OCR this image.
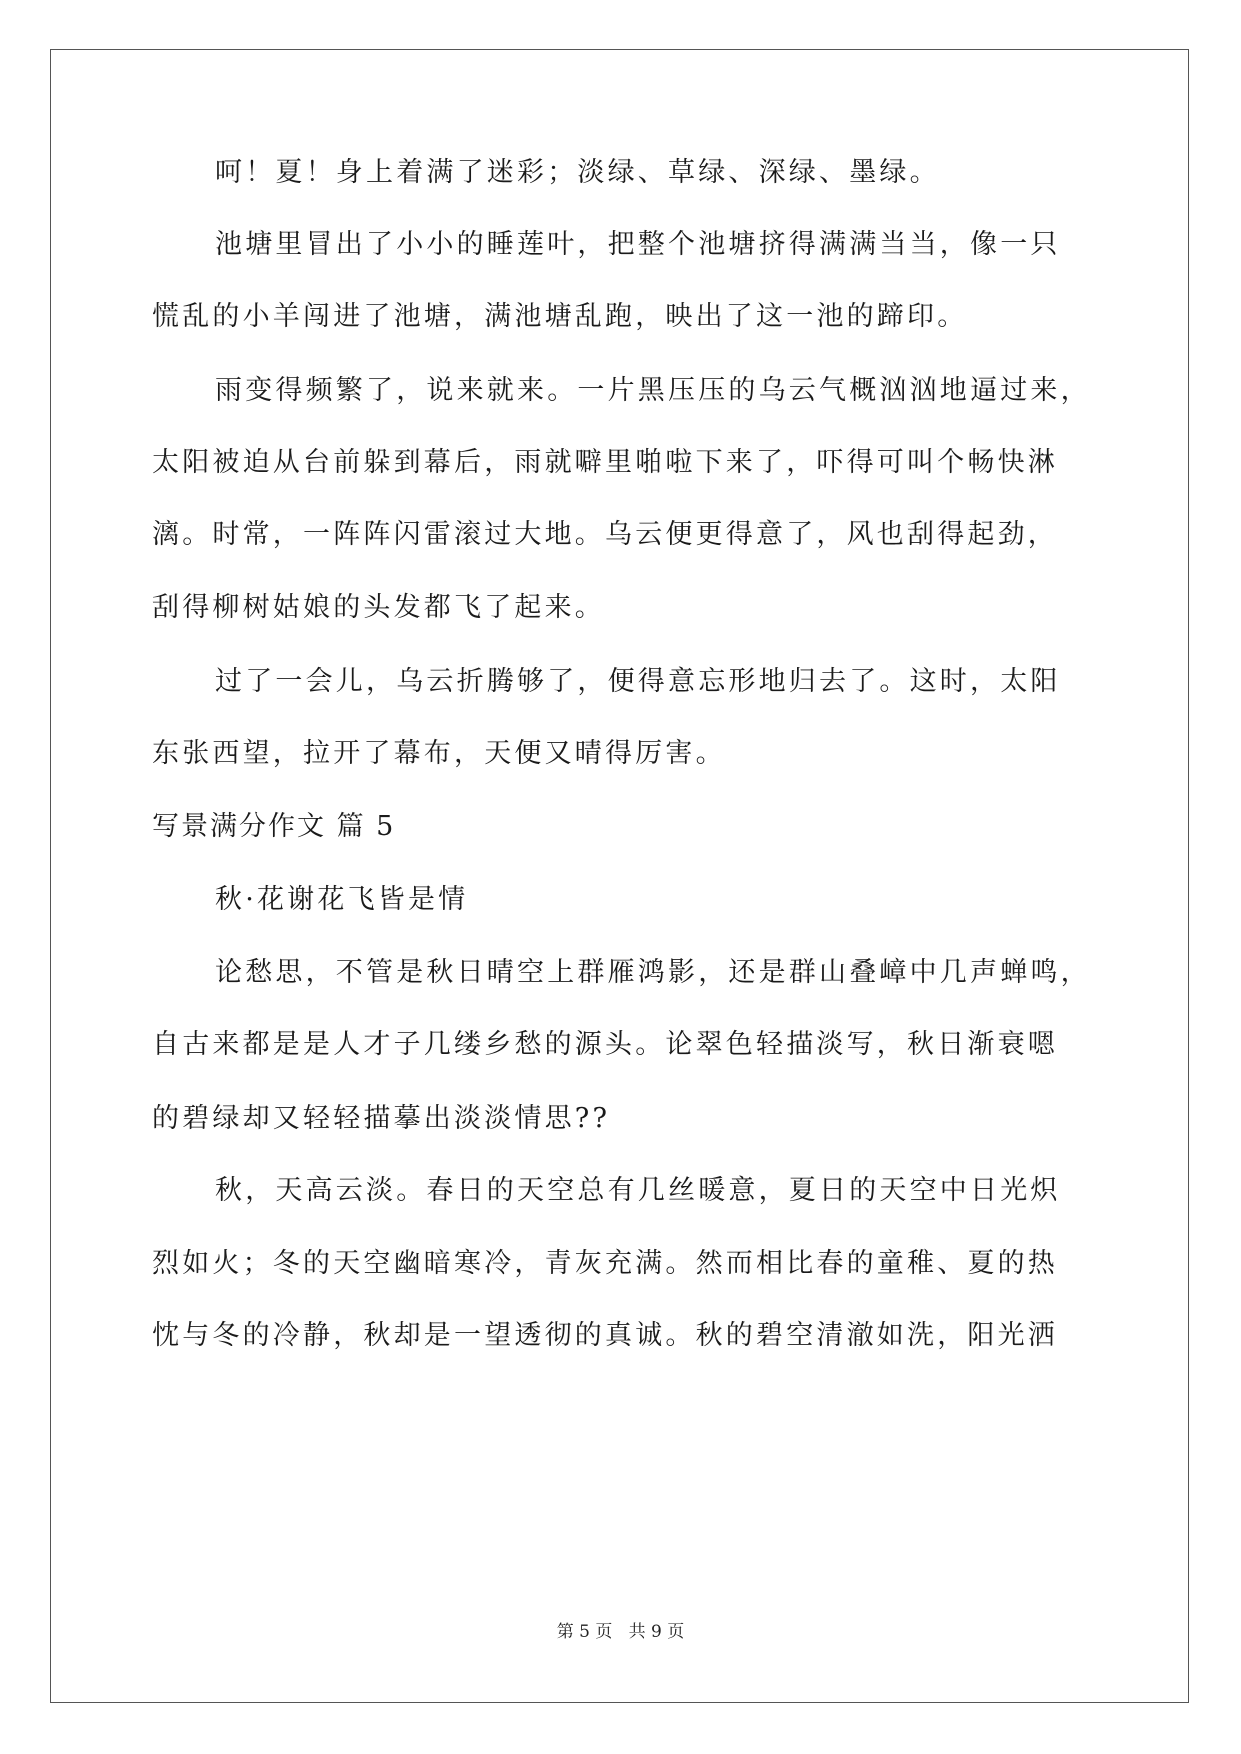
呵！夏！身上着满了迷彩；淡绿、草绿、深绿、墨绿。
池塘里冒出了小小的睡莲叶，把整个池塘挤得满满当当，像一只
慌乱的小羊闯进了池塘，满池塘乱跑，映出了这一池的蹄印。
雨变得频繁了，说来就来。一片黑压压的乌云气概汹汹地逼过来，
太阳被迫从台前躲到幕后，雨就噼里啪啦下来了，吓得可叫个畅快淋
漓。时常，一阵阵闪雷滚过大地。乌云便更得意了，风也刮得起劲，
刮得柳树姑娘的头发都飞了起来。
过了一会儿，乌云折腾够了，便得意忘形地归去了。这时，太阳
东张西望，拉开了幕布，天便又晴得厉害。
写景满分作文 篇 5
秋·花谢花飞皆是情
论愁思，不管是秋日晴空上群雁鸿影，还是群山叠嶂中几声蝉鸣，
自古来都是是人才子几缕乡愁的源头。论翠色轻描淡写，秋日渐衰嗯
的碧绿却又轻轻描摹出淡淡情思??
秋，天高云淡。春日的天空总有几丝暖意，夏日的天空中日光炽
烈如火；冬的天空幽暗寒冷，青灰充满。然而相比春的童稚、夏的热
忱与冬的冷静，秋却是一望透彻的真诚。秋的碧空清澈如洗，阳光洒
第 5 页   共 9 页
